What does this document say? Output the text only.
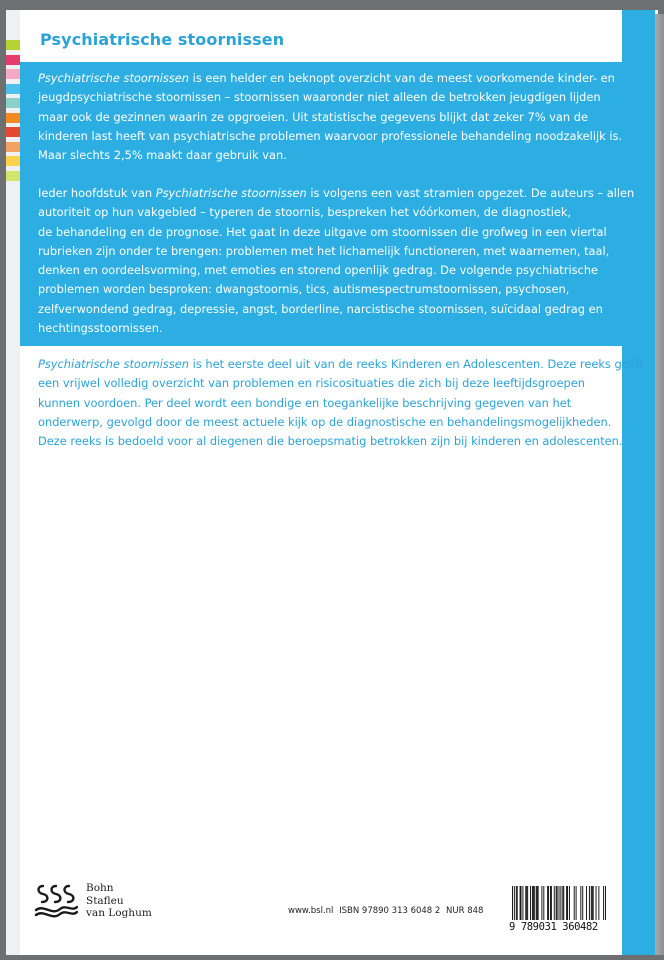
Psychiatrische stoornissen
Psychiatrische stoornissen is een helder en beknopt overzicht van de meest voorkomende kinder- en
jeugdpsychiatrische stoornissen – stoornissen waaronder niet alleen de betrokken jeugdigen lijden
maar ook de gezinnen waarin ze opgroeien. Uit statistische gegevens blijkt dat zeker 7% van de
kinderen last heeft van psychiatrische problemen waarvoor professionele behandeling noodzakelijk is.
Maar slechts 2,5% maakt daar gebruik van.
Ieder hoofdstuk van Psychiatrische stoornissen is volgens een vast stramien opgezet. De auteurs – allen
autoriteit op hun vakgebied – typeren de stoornis, bespreken het vóórkomen, de diagnostiek,
de behandeling en de prognose. Het gaat in deze uitgave om stoornissen die grofweg in een viertal
rubrieken zijn onder te brengen: problemen met het lichamelijk functioneren, met waarnemen, taal,
denken en oordeelsvorming, met emoties en storend openlijk gedrag. De volgende psychiatrische
problemen worden besproken: dwangstoornis, tics, autismespectrumstoornissen, psychosen,
zelfverwondend gedrag, depressie, angst, borderline, narcistische stoornissen, suïcidaal gedrag en
hechtingsstoornissen.
Psychiatrische stoornissen is het eerste deel uit van de reeks Kinderen en Adolescenten. Deze reeks geeft
een vrijwel volledig overzicht van problemen en risicosituaties die zich bij deze leeftijdsgroepen
kunnen voordoen. Per deel wordt een bondige en toegankelijke beschrijving gegeven van het
onderwerp, gevolgd door de meest actuele kijk op de diagnostische en behandelingsmogelijkheden.
Deze reeks is bedoeld voor al diegenen die beroepsmatig betrokken zijn bij kinderen en adolescenten.
Bohn
Stafleu
van Loghum	www.bsl.nl ISBN 97890 313 6048 2 NUR 848
9 789031 360482
